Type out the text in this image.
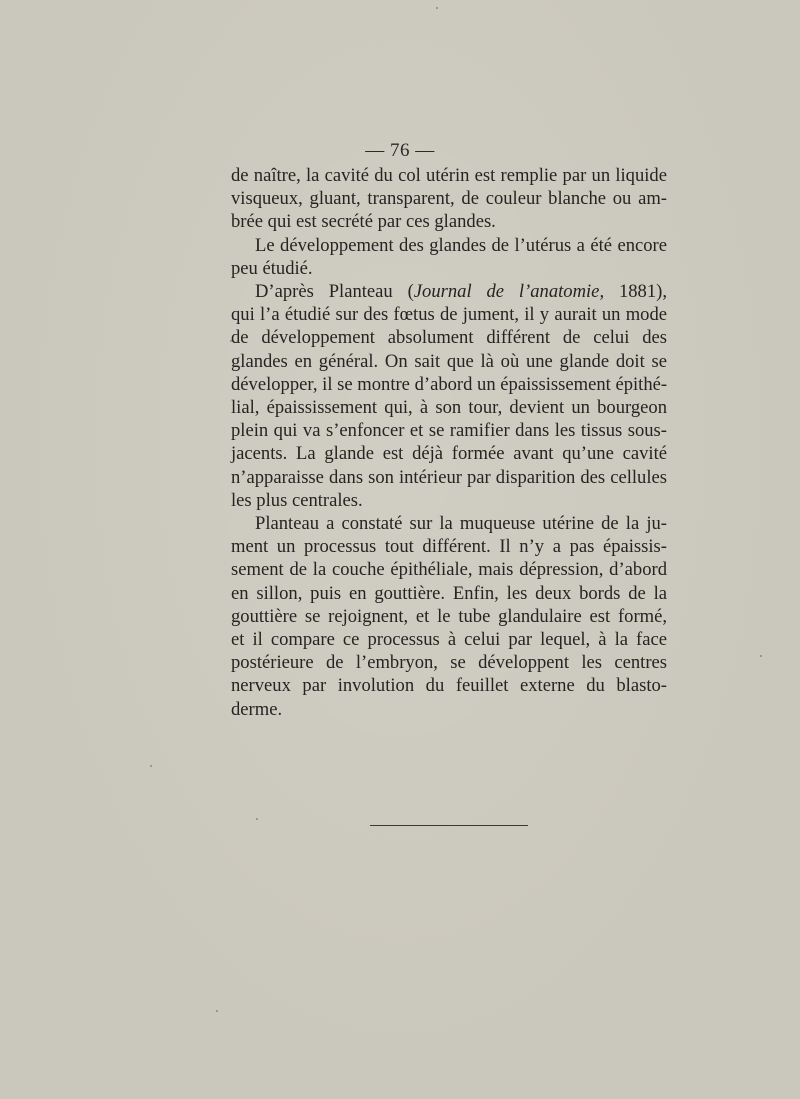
— 76 —

de naître, la cavité du col utérin est remplie par un liquide
visqueux, gluant, transparent, de couleur blanche ou am-
brée qui est secrété par ces glandes.

Le développement des glandes de l’utérus a été encore
peu étudié.

D’après Planteau (Journal de l’anatomie, 1881),
qui l’a étudié sur des fœtus de jument, il y aurait un mode
de développement absolument différent de celui des
glandes en général. On sait que là où une glande doit se
développer, il se montre d’abord un épaississement épithé-
lial, épaississement qui, à son tour, devient un bourgeon
plein qui va s’enfoncer et se ramifier dans les tissus sous-
jacents. La glande est déjà formée avant qu’une cavité
n’apparaisse dans son intérieur par disparition des cellules
les plus centrales.

Planteau a constaté sur la muqueuse utérine de la ju-
ment un processus tout différent. Il n’y a pas épaissis-
sement de la couche épithéliale, mais dépression, d’abord
en sillon, puis en gouttière. Enfin, les deux bords de la
gouttière se rejoignent, et le tube glandulaire est formé,
et il compare ce processus à celui par lequel, à la face
postérieure de l’embryon, se développent les centres
nerveux par involution du feuillet externe du blasto-
derme.
